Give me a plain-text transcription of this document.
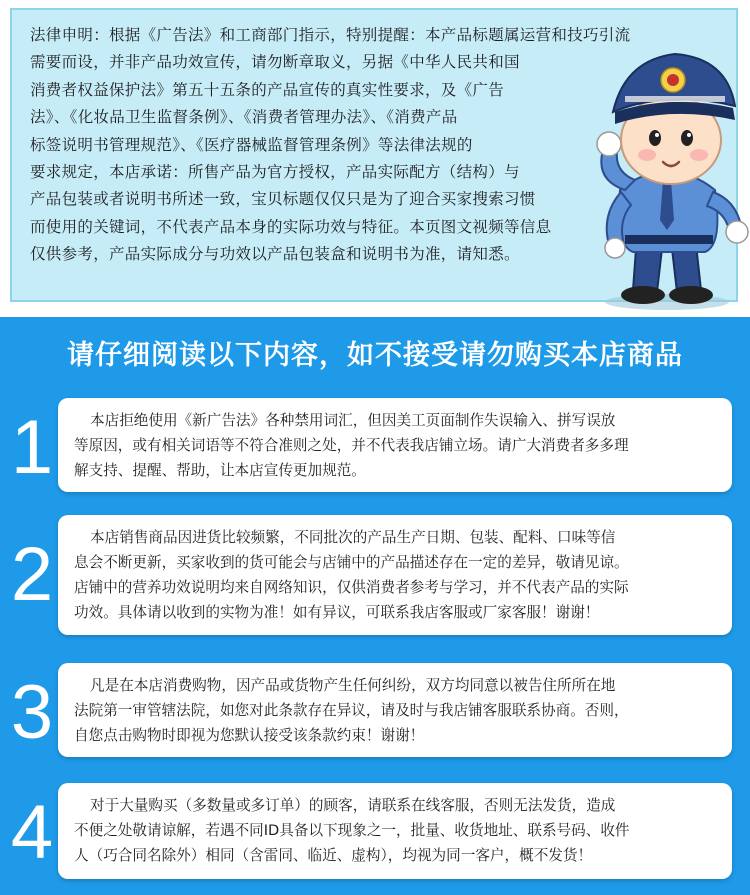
法律申明：根据《广告法》和工商部门指示，特别提醒：本产品标题属运营和技巧引流
需要而设，并非产品功效宣传，请勿断章取义，另据《中华人民共和国
消费者权益保护法》第五十五条的产品宣传的真实性要求，及《广告
法》、《化妆品卫生监督条例》、《消费者管理办法》、《消费产品
标签说明书管理规范》、《医疗器械监督管理条例》等法律法规的
要求规定，本店承诺：所售产品为官方授权，产品实际配方（结构）与
产品包装或者说明书所述一致，宝贝标题仅仅只是为了迎合买家搜索习惯
而使用的关键词，不代表产品本身的实际功效与特征。本页图文视频等信息
仅供参考，产品实际成分与功效以产品包装盒和说明书为准，请知悉。
请仔细阅读以下内容，如不接受请勿购买本店商品
1	本店拒绝使用《新广告法》各种禁用词汇，但因美工页面制作失误输入、拼写误放
等原因，或有相关词语等不符合准则之处，并不代表我店铺立场。请广大消费者多多理
解支持、提醒、帮助，让本店宣传更加规范。
2	本店销售商品因进货比较频繁，不同批次的产品生产日期、包装、配料、口味等信
息会不断更新，买家收到的货可能会与店铺中的产品描述存在一定的差异，敬请见谅。
店铺中的营养功效说明均来自网络知识，仅供消费者参考与学习，并不代表产品的实际
功效。具体请以收到的实物为准！如有异议，可联系我店客服或厂家客服！谢谢！
3	凡是在本店消费购物，因产品或货物产生任何纠纷，双方均同意以被告住所所在地
法院第一审管辖法院，如您对此条款存在异议，请及时与我店铺客服联系协商。否则，
自您点击购物时即视为您默认接受该条款约束！谢谢！
4	对于大量购买（多数量或多订单）的顾客，请联系在线客服，否则无法发货，造成
不便之处敬请谅解，若遇不同ID具备以下现象之一，批量、收货地址、联系号码、收件
人（巧合同名除外）相同（含雷同、临近、虚构），均视为同一客户，概不发货！
